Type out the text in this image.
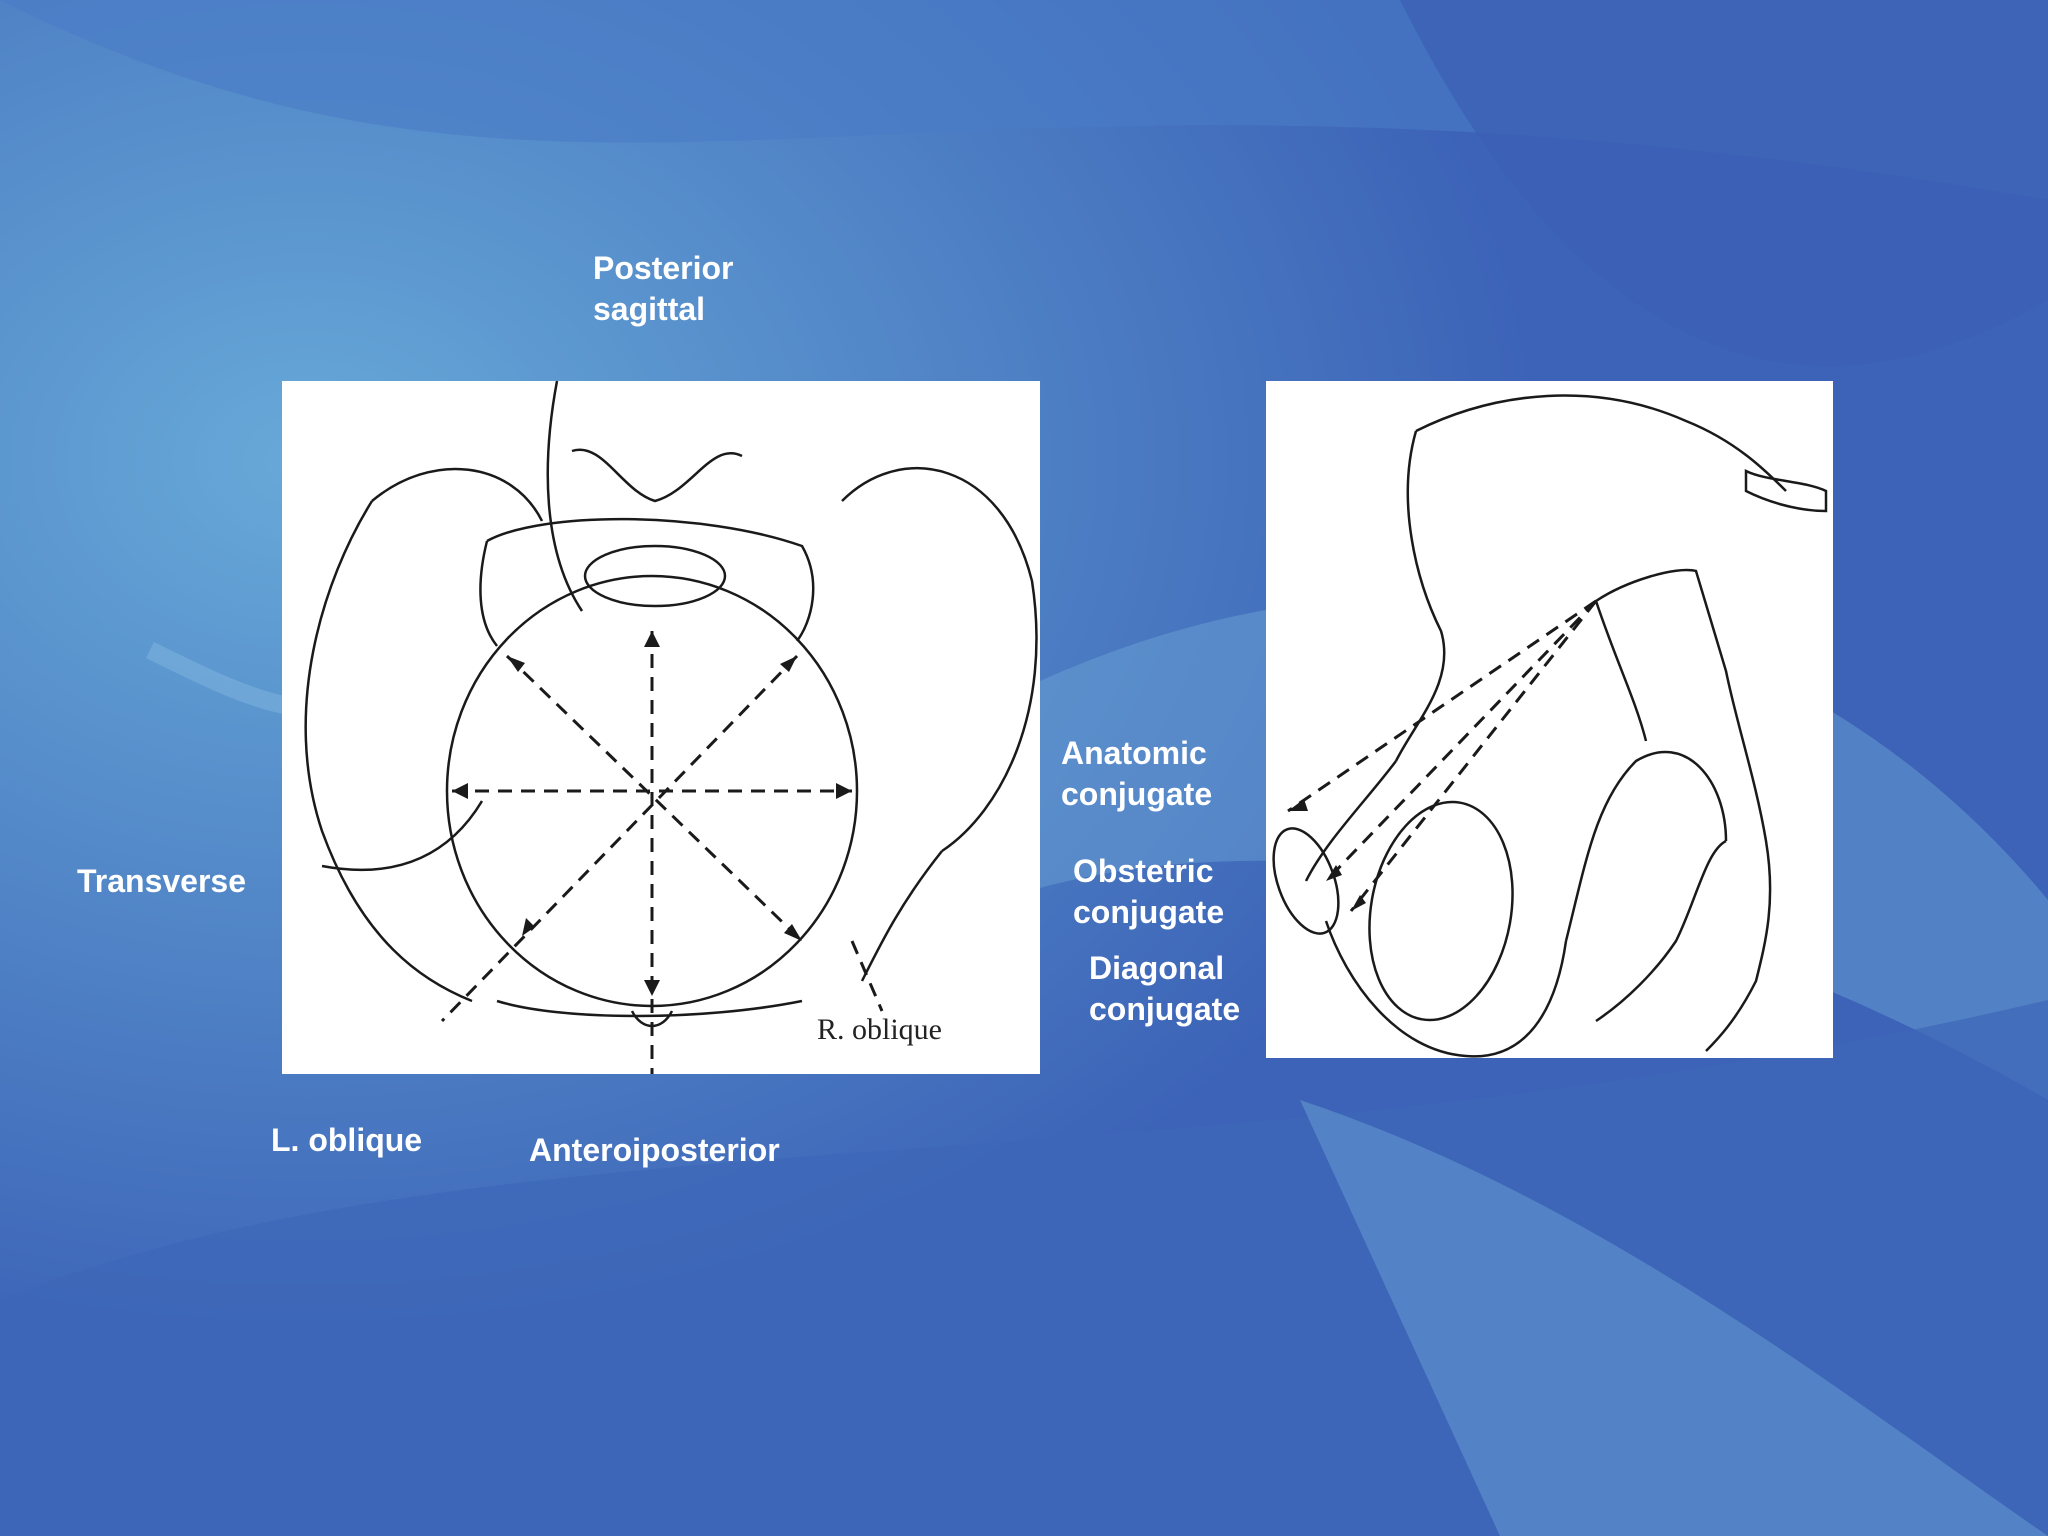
R. oblique
Posterior
sagittal
Transverse
L. oblique	Anteroiposterior
Anatomic
conjugate
Obstetric
conjugate
Diagonal
conjugate
